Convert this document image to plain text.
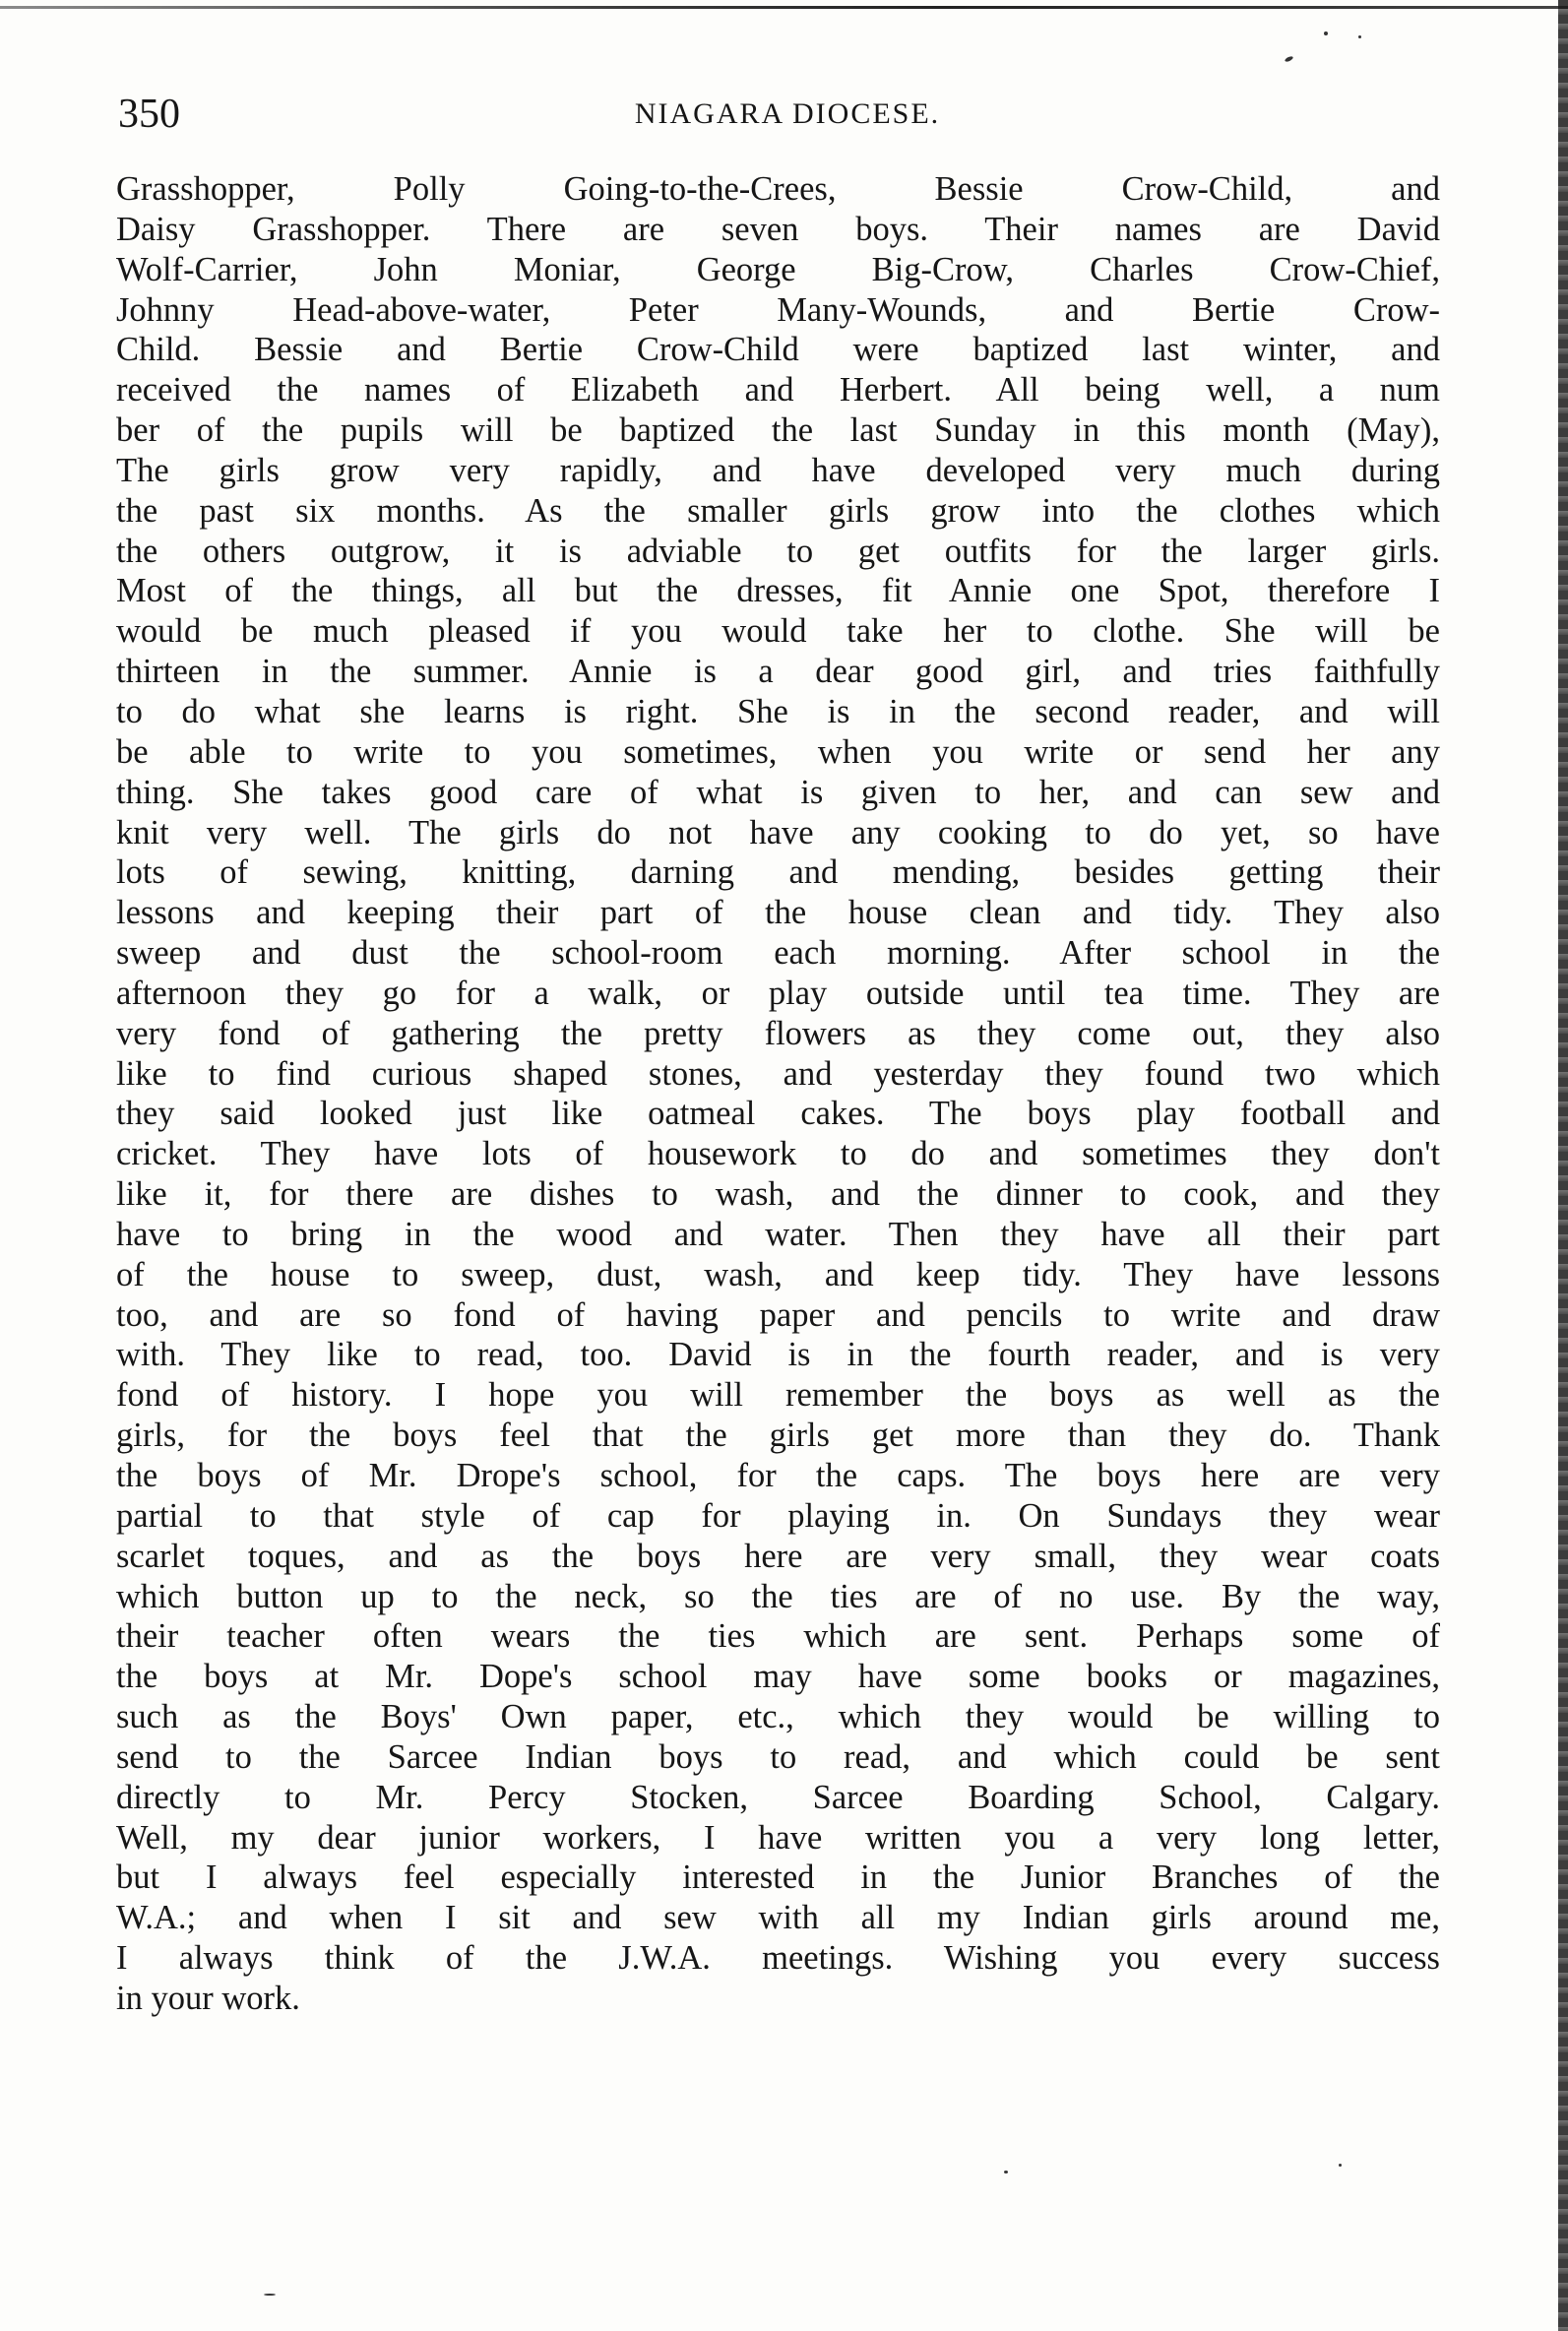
350	NIAGARA DIOCESE.
Grasshopper, Polly Going-to-the-Crees, Bessie Crow-Child, and
Daisy Grasshopper. There are seven boys. Their names are David
Wolf-Carrier, John Moniar, George Big-Crow, Charles Crow-Chief,
Johnny Head-above-water, Peter Many-Wounds, and Bertie Crow-
Child. Bessie and Bertie Crow-Child were baptized last winter, and
received the names of Elizabeth and Herbert. All being well, a num
ber of the pupils will be baptized the last Sunday in this month (May),
The girls grow very rapidly, and have developed very much during
the past six months. As the smaller girls grow into the clothes which
the others outgrow, it is adviable to get outfits for the larger girls.
Most of the things, all but the dresses, fit Annie one Spot, therefore I
would be much pleased if you would take her to clothe. She will be
thirteen in the summer. Annie is a dear good girl, and tries faithfully
to do what she learns is right. She is in the second reader, and will
be able to write to you sometimes, when you write or send her any
thing. She takes good care of what is given to her, and can sew and
knit very well. The girls do not have any cooking to do yet, so have
lots of sewing, knitting, darning and mending, besides getting their
lessons and keeping their part of the house clean and tidy. They also
sweep and dust the school-room each morning. After school in the
afternoon they go for a walk, or play outside until tea time. They are
very fond of gathering the pretty flowers as they come out, they also
like to find curious shaped stones, and yesterday they found two which
they said looked just like oatmeal cakes. The boys play football and
cricket. They have lots of housework to do and sometimes they don't
like it, for there are dishes to wash, and the dinner to cook, and they
have to bring in the wood and water. Then they have all their part
of the house to sweep, dust, wash, and keep tidy. They have lessons
too, and are so fond of having paper and pencils to write and draw
with. They like to read, too. David is in the fourth reader, and is very
fond of history. I hope you will remember the boys as well as the
girls, for the boys feel that the girls get more than they do. Thank
the boys of Mr. Drope's school, for the caps. The boys here are very
partial to that style of cap for playing in. On Sundays they wear
scarlet toques, and as the boys here are very small, they wear coats
which button up to the neck, so the ties are of no use. By the way,
their teacher often wears the ties which are sent. Perhaps some of
the boys at Mr. Dope's school may have some books or magazines,
such as the Boys' Own paper, etc., which they would be willing to
send to the Sarcee Indian boys to read, and which could be sent
directly to Mr. Percy Stocken, Sarcee Boarding School, Calgary.
Well, my dear junior workers, I have written you a very long letter,
but I always feel especially interested in the Junior Branches of the
W.A.; and when I sit and sew with all my Indian girls around me,
I always think of the J.W.A. meetings. Wishing you every success
in your work.
